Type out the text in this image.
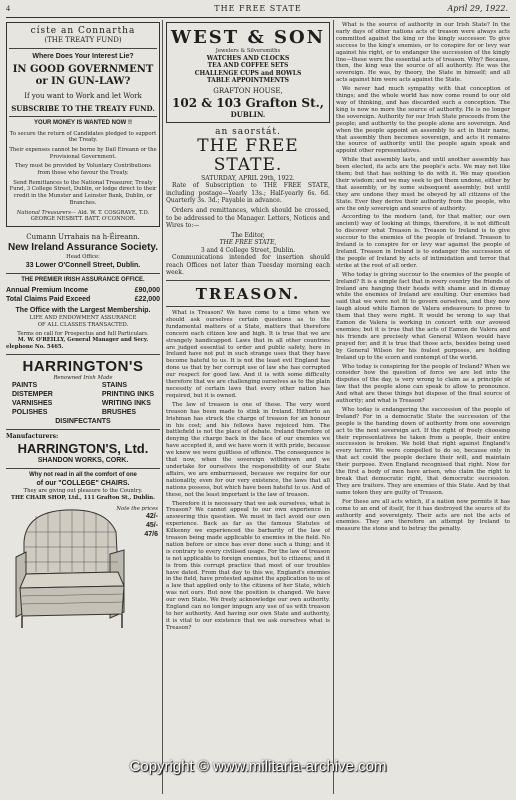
4	THE FREE STATE	April 29, 1922.
císte an Connartha
(THE TREATY FUND)
Where Does Your Interest Lie?
IN GOOD GOVERNMENT
or IN GUN-LAW?
If you want to Work and let Work
SUBSCRIBE TO THE TREATY FUND.
YOUR MONEY IS WANTED NOW !!
To secure the return of Candidates pledged to support the Treaty.
Their expenses cannot be borne by Dail Eireann or the Provisional Government.
They must be provided by Voluntary Contributions from those who favour the Treaty.
Send Remittances to the National Treasurer, Treaty Fund, 3 College Street, Dublin, or lodge direct to their credit in the Munster and Leinster Bank, Dublin, or Branches.
National Treasurers— Ald. W. T. COSGRAVE, T.D. GEORGE NESBITT. BATT. O'CONNOR.
Cumann Urrahais na h-Éireann.
New Ireland Assurance Society.
Head Office:
33 Lower O'Connell Street, Dublin.
THE PREMIER IRISH ASSURANCE OFFICE.
Annual Premium Income	£90,000
Total Claims Paid Exceed	£22,000
The Office with the Largest Membership.
LIFE AND ENDOWMENT ASSURANCE
OF ALL CLASSES TRANSACTED.
Terms on call for Prospectus and full Particulars.
M. W. O'REILLY, General Manager and Secy.
elephone No. 5465.
HARRINGTON'S
Renowned Irish Made
PAINTS
DISTEMPER
VARNISHES
POLISHES
STAINS
PRINTING INKS
WRITING INKS
BRUSHES
DISINFECTANTS
Manufacturers:
HARRINGTON'S, Ltd.
SHANDON WORKS, CORK.
Why not read in all the comfort of one
of our "COLLEGE" CHAIRS.
They are giving out pleasure to the Country.
THE CHAIR SHOP, Ltd., 111 Grafton St., Dublin.
Note the prices
42/-
45/-
47/6
WEST & SON
Jewelers & Silversmiths
WATCHES AND CLOCKS
TEA AND COFFEE SETS
CHALLENGE CUPS and BOWLS
TABLE APPOINTMENTS
GRAFTON HOUSE,
102 & 103 Grafton St.,
DUBLIN.
an saorstát.
THE FREE STATE.
SATURDAY, APRIL 29th, 1922.

Rate of Subscription to THE FREE STATE, including postage—Yearly 13s.; Half-yearly 6s. 6d. Quarterly 3s. 3d.; Payable in advance.

Orders and remittances, which should be crossed, to be addressed to the Manager. Letters, Notices and Wires to:—

The Editor,
THE FREE STATE,
3 and 4 College Street, Dublin.

Communications intended for insertion should reach Offices not later than Tuesday morning each week.

TREASON.

What is Treason? We have come to a time when we should ask ourselves certain questions as to the fundamental matters of a State, matters that therefore concern each citizen low and high. It is true that we are strangely handicapped. Laws that in all other countries are judged essential to order and public safety, here in Ireland have not put in such strange uses that they have become hateful to us. It is not the least evil England has done us that by her corrupt use of law she has corrupted our respect for good law. And it is with some difficulty therefore that we are challenging ourselves as to the plain necessity of certain laws that every other nation has required, but it is owned.

The law of treason is one of these. The very word treason has been made to stink in Ireland. Hitherto an Irishman has struck the charge of treason for an honour in his cost; and his fellows have rejoiced him. The battlefield is not the place of debate. Ireland therefore of denying the charge back in the face of our enemies we have accepted it, and we have worn it with pride, because we knew we were guiltless of offence. The consequence is that now, when the sovereign withdrawn and we undertake for ourselves the responsibility of our State affairs, we are embarrassed, because we require for our nationality, even for our very existence, the laws that all nations possess, but which have been hateful to us. And of these, not the least important is the law of treason.

Therefore it is necessary that we ask ourselves, what is Treason? We cannot appeal to our own experience in answering this question. We must in fact avoid our own experience. Back as far as the famous Statutes of Kilkenny we experienced the barbarity of the law of treason being made applicable to enemies in the field. No nation before or since has ever done such a thing; and it is contrary to every civilised usage. For the law of treason is not applicable to foreign enemies, but to citizens; and it is from this corrupt practice that most of our troubles have dated. From that day to this we, England's enemies in the field, have protested against the application to us of a law that applied only to the citizens of her State, which was not ours. But now the position is changed. We have our own State. We freely acknowledge our own authority. England can no longer impugn any use of us with treason to her authority. And having our own State and authority, it is vital to our existence that we ask ourselves what is Treason?

What is the source of authority in our Irish State? In the early days of other nations acts of treason were always acts committed against the king or the kingly successor. To give success to the king's enemies, or to conspire for or levy war against his right, or to endanger the succession of the kingly line—these were the essential acts of treason. Why? Because, then, the king was the source of all authority. He was the sovereign. He was, by theory, the State in himself; and all acts against him were acts against the State.

We never had much sympathy with that conception of things; and the whole world has now come round to our old way of thinking, and has discarded such a conception. The king is now no more the source of authority. He is no longer the sovereign. Authority for our Irish State proceeds from the people; and authority to the people alone are sovereign. And when the people appoint an assembly to act in their name, that assembly then becomes sovereign, and acts it remains the source of authority until the people again speak and appoint other representatives.

While that assembly lasts, and until another assembly has been elected, its acts are the people's acts. We may not like them; but that has nothing to do with it. We may question their wisdom; and we may seek to get them undone, either by that assembly, or by some subsequent assembly; but until they are undone they must be obeyed by all citizens of the State. Ever they derive their authority from the people, who are the only sovereign and source of authority.

According to the modern (and, for that matter, our own ancient) way of looking at things, therefore, it is not difficult to discover what Treason is. Treason to Ireland is to give succour to the enemies of the people of Ireland. Treason to Ireland is to conspire for or levy war against the people of Ireland. Treason in Ireland is to endanger the succession of the people of Ireland by acts of intimidation and terror that strike at the root of all order.

Who today is giving succour to the enemies of the people of Ireland? It is a simple fact that in every country the friends of Ireland are hanging their heads with shame and in dismay while the enemies of Ireland are exulting. Our enemies had said that we were not fit to govern ourselves, and they now laugh aloud while Eamon de Valera endeavours to prove to them that they were right. It would be wrong to say that Eamon de Valera is working in concert with our avowed enemies; but it is true that the acts of Eamon de Valera and his friends are precisely what General Wilson would have prayed for; and it is true that those acts, besides being used by General Wilson for his foulest purposes, are holding Ireland up to the scorn and contempt of the world.

Who today is conspiring for the people of Ireland? When we consider how the question of force we are led into the disputes of the day, is very wrong to claim as a principle of law that the people alone can speak to allow to pronounce. And what are these things but dispose of the final source of authority; and what is Treason?

Who today is endangering the succession of the people of Ireland? For in a democratic State the succession of the people is the handing down of authority from one sovereign act to the next sovereign act. If the right of freely choosing their representatives be taken from a people, their entire succession is broken. We hold that right against England's every terror. We were compelled to do so, because only in that act could the people declare their will, and maintain their purpose. Even England recognised that right. Now for the first a body of men have arisen, who claim the right to break that democratic right, that democratic succession. They are traitors. They are enemies of this State. And by that same token they are guilty of Treason.

For these are all acts which, if a nation now permits it has come to an end of itself, for it has destroyed the source of its authority and sovereignty. Their acts are not the acts of enemies. They are therefore an attempt by Ireland to measure the stone and to betray the penalty.

Copyright © www.militaria-archive.com
